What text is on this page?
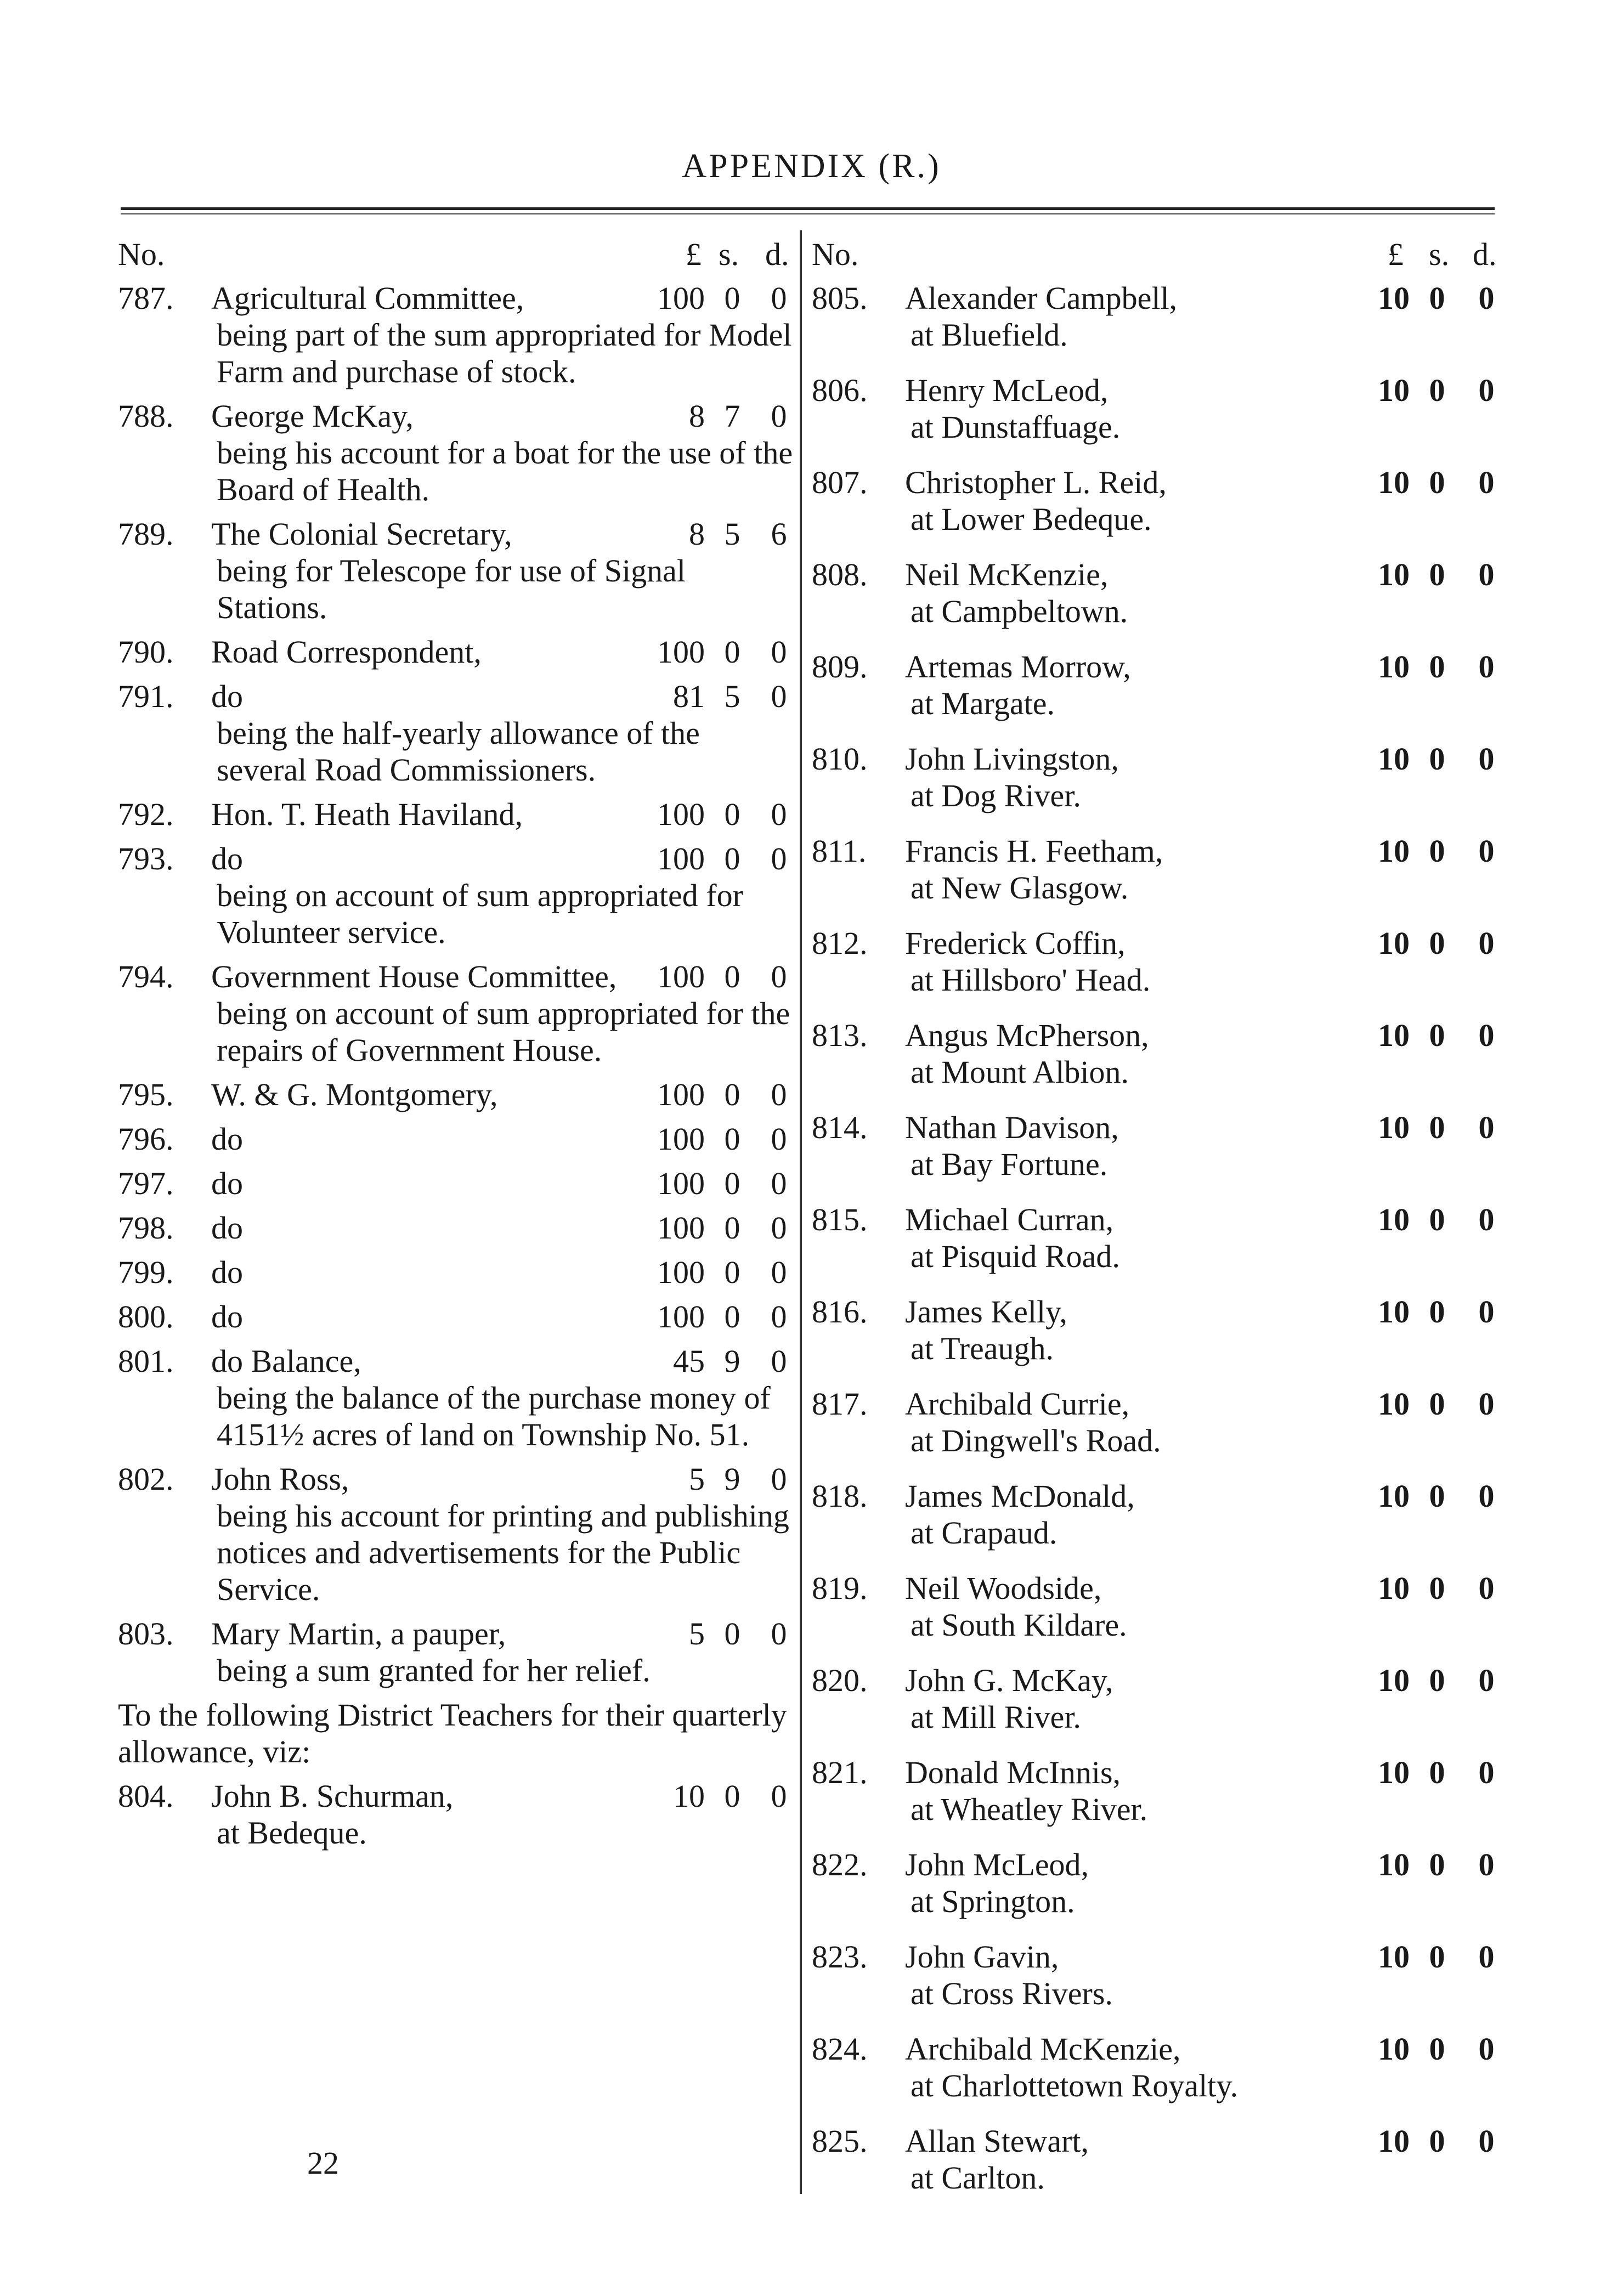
APPENDIX (R.)
No.	£ s. d.
787.	Agricultural Committee,
being part of the sum appropriated for Model Farm and purchase of stock.
100 0 0
788.	George McKay,
being his account for a boat for the use of the Board of Health.
8 7 0
789.	The Colonial Secretary,
being for Telescope for use of Signal Stations.
8 5 6
790.	Road Correspondent,	100 0 0
791.	do
being the half-yearly allowance of the several Road Commissioners.
81 5 0
792.	Hon. T. Heath Haviland,	100 0 0
793.	do
being on account of sum appropriated for Volunteer service.
100 0 0
794.	Government House Committee,
being on account of sum appropriated for the repairs of Government House.
100 0 0
795.	W. & G. Montgomery,	100 0 0
796.	do	100 0 0
797.	do	100 0 0
798.	do	100 0 0
799.	do	100 0 0
800.	do	100 0 0
801.	do Balance,
being the balance of the purchase money of 4151½ acres of land on Township No. 51.
45 9 0
802.	John Ross,
being his account for printing and publishing notices and advertisements for the Public Service.
5 9 0
803.	Mary Martin, a pauper,
being a sum granted for her relief.
5 0 0
To the following District Teachers for their quarterly allowance, viz:
804.	John B. Schurman,
at Bedeque.
10 0 0
No.	£ s. d.
805.	Alexander Campbell,
at Bluefield.
10 0 0
806.	Henry McLeod,
at Dunstaffuage.
10 0 0
807.	Christopher L. Reid,
at Lower Bedeque.
10 0 0
808.	Neil McKenzie,
at Campbeltown.
10 0 0
809.	Artemas Morrow,
at Margate.
10 0 0
810.	John Livingston,
at Dog River.
10 0 0
811.	Francis H. Feetham,
at New Glasgow.
10 0 0
812.	Frederick Coffin,
at Hillsboro' Head.
10 0 0
813.	Angus McPherson,
at Mount Albion.
10 0 0
814.	Nathan Davison,
at Bay Fortune.
10 0 0
815.	Michael Curran,
at Pisquid Road.
10 0 0
816.	James Kelly,
at Treaugh.
10 0 0
817.	Archibald Currie,
at Dingwell's Road.
10 0 0
818.	James McDonald,
at Crapaud.
10 0 0
819.	Neil Woodside,
at South Kildare.
10 0 0
820.	John G. McKay,
at Mill River.
10 0 0
821.	Donald McInnis,
at Wheatley River.
10 0 0
822.	John McLeod,
at Springton.
10 0 0
823.	John Gavin,
at Cross Rivers.
10 0 0
824.	Archibald McKenzie,
at Charlottetown Royalty.
10 0 0
825.	Allan Stewart,
at Carlton.
10 0 0
22
